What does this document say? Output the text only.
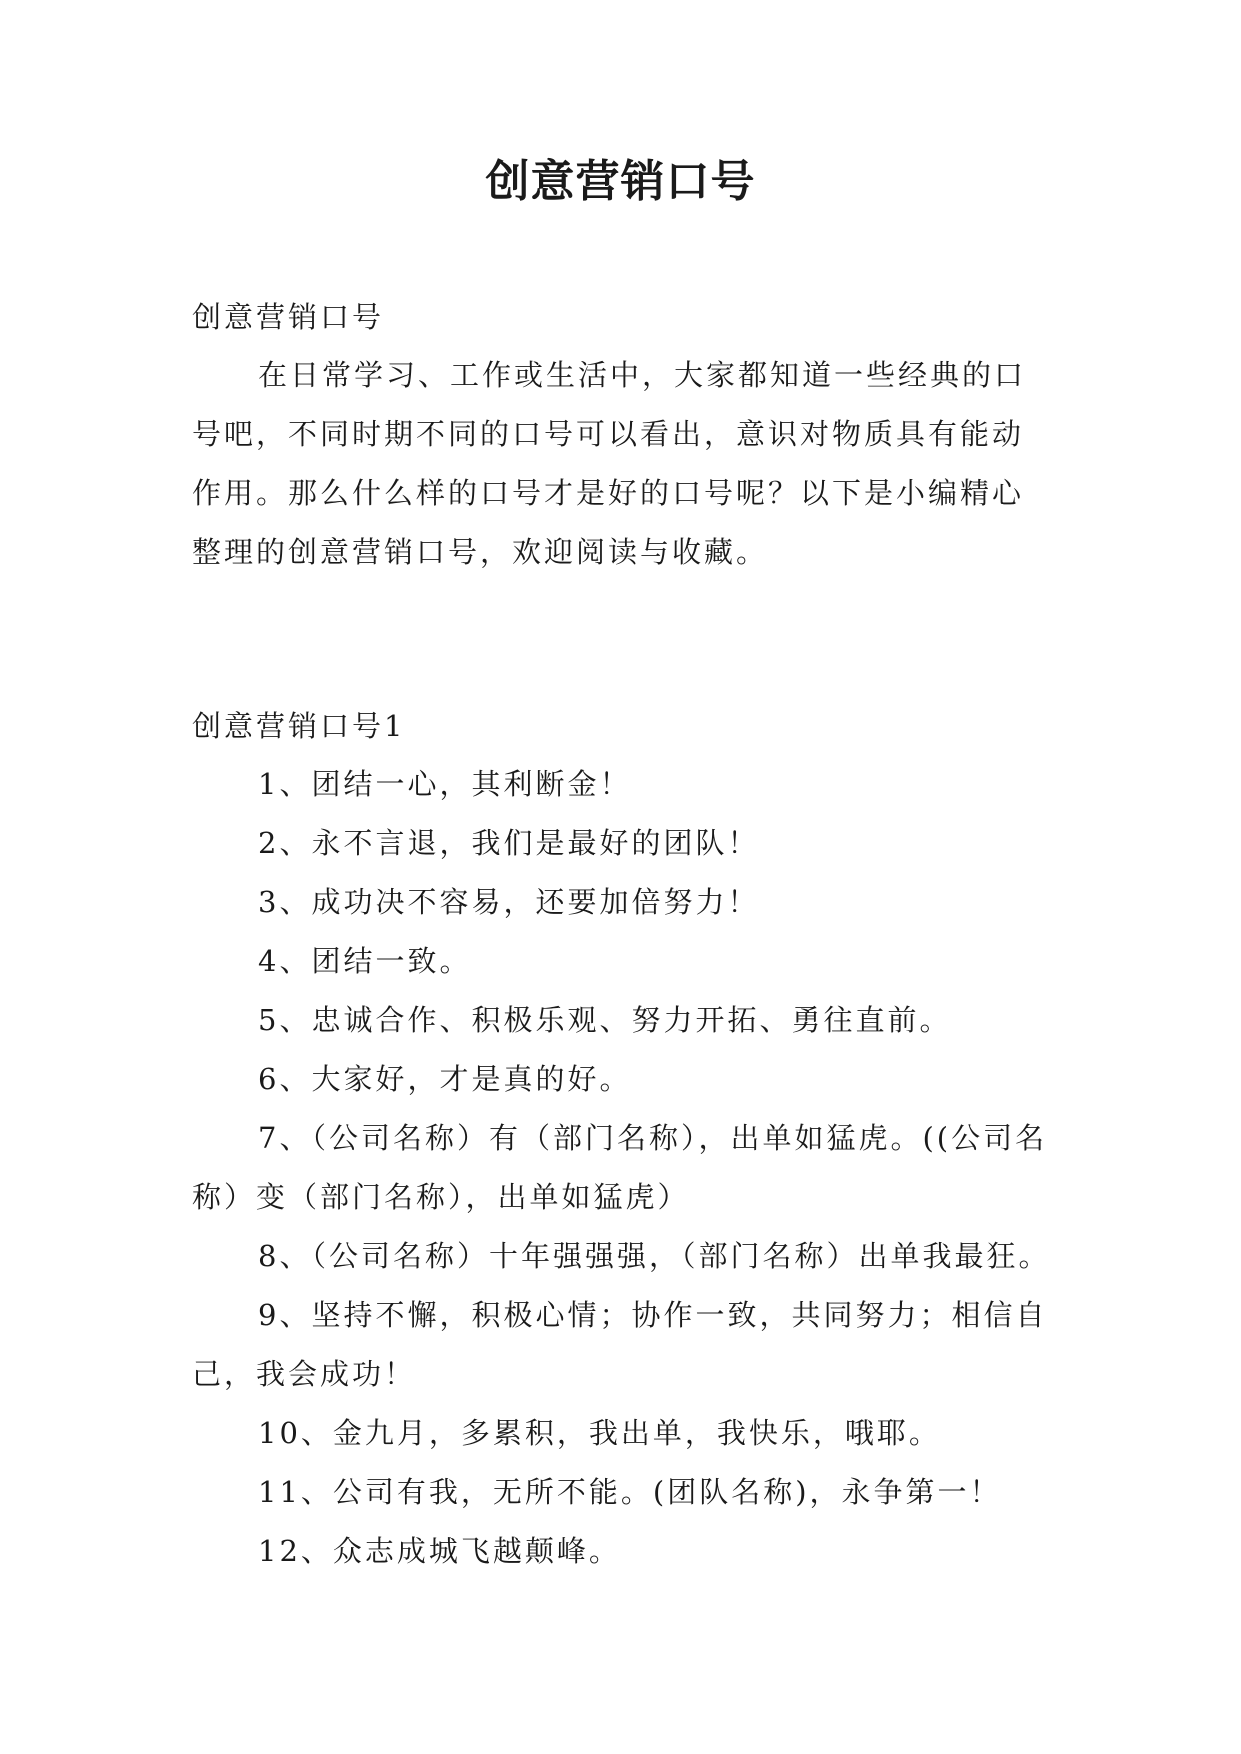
创意营销口号

创意营销口号

在日常学习、工作或生活中，大家都知道一些经典的口号吧，不同时期不同的口号可以看出，意识对物质具有能动作用。那么什么样的口号才是好的口号呢？以下是小编精心整理的创意营销口号，欢迎阅读与收藏。

创意营销口号1

1、团结一心，其利断金！
2、永不言退，我们是最好的团队！
3、成功决不容易，还要加倍努力！
4、团结一致。
5、忠诚合作、积极乐观、努力开拓、勇往直前。
6、大家好，才是真的好。
7、（公司名称）有（部门名称），出单如猛虎。((公司名称）变（部门名称），出单如猛虎）
8、（公司名称）十年强强强，（部门名称）出单我最狂。
9、坚持不懈，积极心情；协作一致，共同努力；相信自己，我会成功！
10、金九月，多累积，我出单，我快乐，哦耶。
11、公司有我，无所不能。(团队名称)，永争第一！
12、众志成城飞越颠峰。
